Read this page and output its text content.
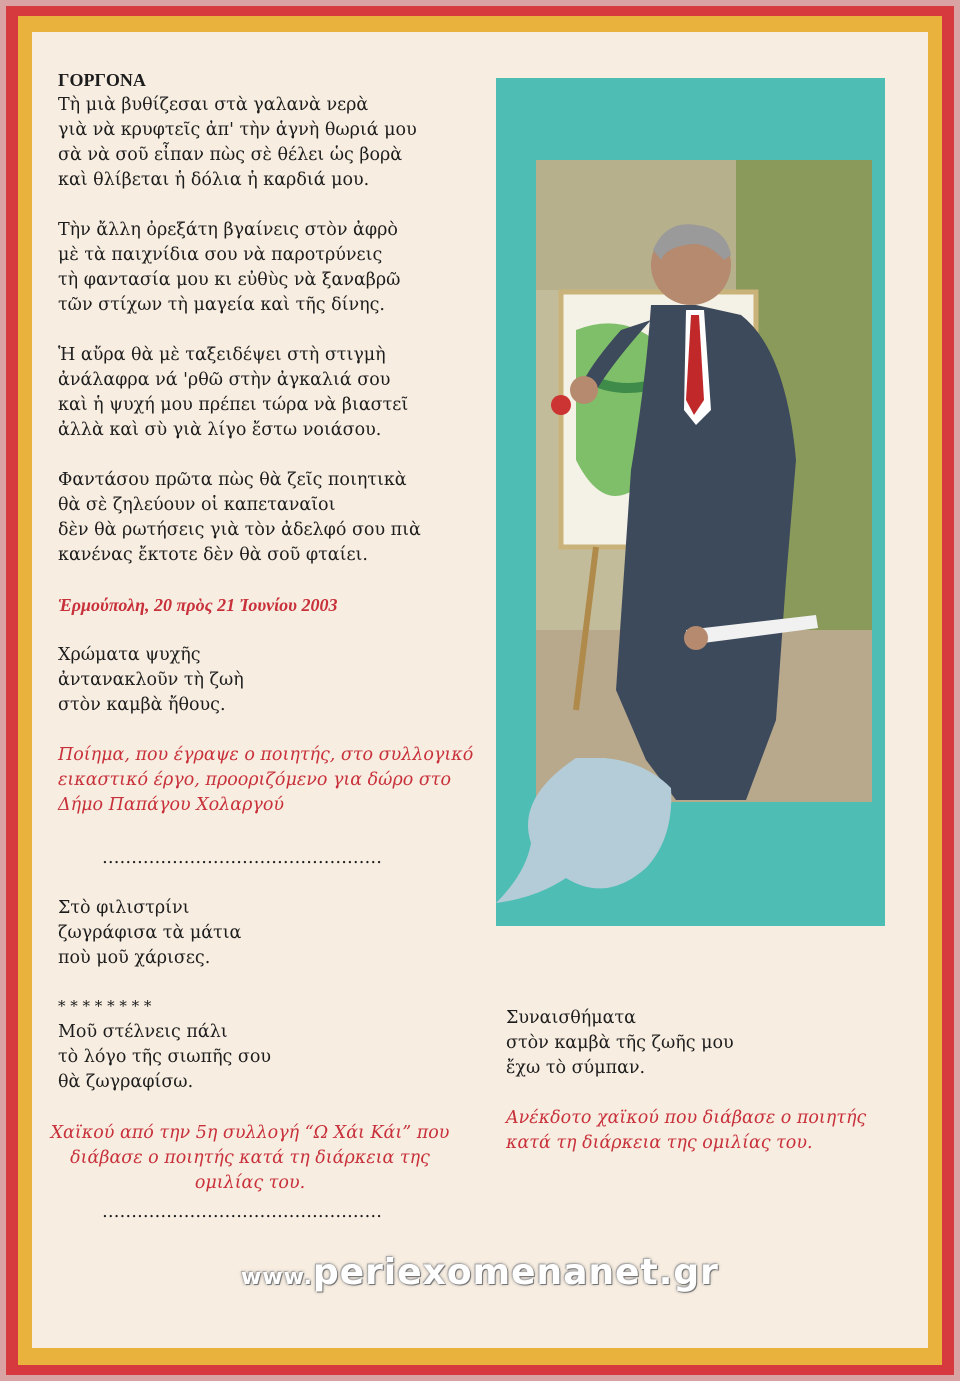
ΓΟΡΓΟΝΑ
Τὴ μιὰ βυθίζεσαι στὰ γαλανὰ νερὰ
γιὰ νὰ κρυφτεῖς ἀπ' τὴν ἁγνὴ θωριά μου
σὰ νὰ σοῦ εἶπαν πὼς σὲ θέλει ὡς βορὰ
καὶ θλίβεται ἡ δόλια ἡ καρδιά μου.

Τὴν ἄλλη ὀρεξάτη βγαίνεις στὸν ἀφρὸ
μὲ τὰ παιχνίδια σου νὰ παροτρύνεις
τὴ φαντασία μου κι εὐθὺς νὰ ξαναβρῶ
τῶν στίχων τὴ μαγεία καὶ τῆς δίνης.

Ἡ αὔρα θὰ μὲ ταξειδέψει στὴ στιγμὴ
ἀνάλαφρα νά 'ρθῶ στὴν ἀγκαλιά σου
καὶ ἡ ψυχή μου πρέπει τώρα νὰ βιαστεῖ
ἀλλὰ καὶ σὺ γιὰ λίγο ἔστω νοιάσου.

Φαντάσου πρῶτα πὼς θὰ ζεῖς ποιητικὰ
θὰ σὲ ζηλεύουν οἱ καπεταναῖοι
δὲν θὰ ρωτήσεις γιὰ τὸν ἀδελφό σου πιὰ
κανένας ἔκτοτε δὲν θὰ σοῦ φταίει.

Ἑρμούπολη, 20 πρὸς 21 Ἰουνίου 2003

Χρώματα ψυχῆς
ἀντανακλοῦν τὴ ζωὴ
στὸν καμβὰ ἤθους.

Ποίημα, που έγραψε ο ποιητής, στο συλλογικό
εικαστικό έργο, προοριζόμενο για δώρο στο
Δήμο Παπάγου Χολαργού
…………………………………………
Στὸ φιλιστρίνι
ζωγράφισα τὰ μάτια
ποὺ μοῦ χάρισες.
* * * * * * * *
Μοῦ στέλνεις πάλι
τὸ λόγο τῆς σιωπῆς σου
θὰ ζωγραφίσω.
Χαϊκού από την 5η συλλογή “Ω Χάι Κάι” που
διάβασε ο ποιητής κατά τη διάρκεια της
ομιλίας του.
…………………………………………
Συναισθήματα
στὸν καμβὰ τῆς ζωῆς μου
ἔχω τὸ σύμπαν.

Ανέκδοτο χαϊκού που διάβασε ο ποιητής
κατά τη διάρκεια της ομιλίας του.
www.periexomenanet.gr
